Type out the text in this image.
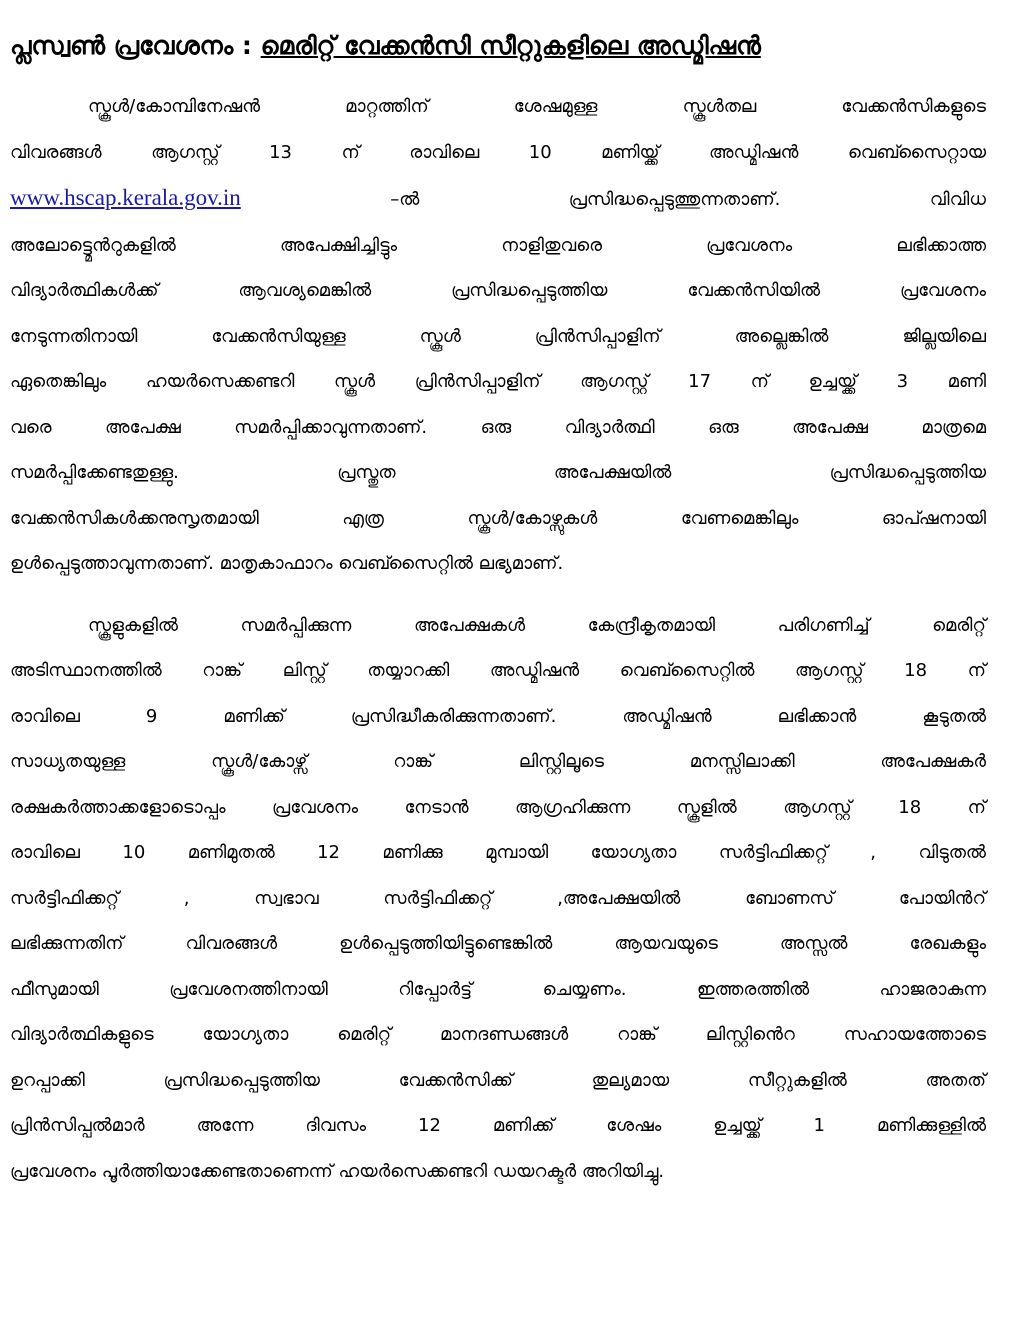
പ്ലസ്വൺ പ്രവേശനം : മെരിറ്റ് വേക്കൻസി സീറ്റുകളിലെ അഡ്മിഷൻ
സ്കൂൾ/കോമ്പിനേഷൻ മാറ്റത്തിന് ശേഷമുള്ള സ്കൂൾതല വേക്കൻസികളുടെ
വിവരങ്ങൾ ആഗസ്റ്റ് 13 ന് രാവിലെ 10 മണിയ്ക്ക് അഡ്മിഷൻ വെബ്സൈറ്റായ
www.hscap.kerala.gov.in –ൽ പ്രസിദ്ധപ്പെടുത്തുന്നതാണ്. വിവിധ
അലോട്ട്മെൻറുകളിൽ അപേക്ഷിച്ചിട്ടും നാളിതുവരെ പ്രവേശനം ലഭിക്കാത്ത
വിദ്യാർത്ഥികൾക്ക് ആവശ്യമെങ്കിൽ പ്രസിദ്ധപ്പെടുത്തിയ വേക്കൻസിയിൽ പ്രവേശനം
നേടുന്നതിനായി വേക്കൻസിയുള്ള സ്കൂൾ പ്രിൻസിപ്പാളിന് അല്ലെങ്കിൽ ജില്ലയിലെ
ഏതെങ്കിലും ഹയർസെക്കണ്ടറി സ്കൂൾ പ്രിൻസിപ്പാളിന് ആഗസ്റ്റ് 17 ന് ഉച്ചയ്ക്ക് 3 മണി
വരെ അപേക്ഷ സമർപ്പിക്കാവുന്നതാണ്. ഒരു വിദ്യാർത്ഥി ഒരു അപേക്ഷ മാത്രമെ
സമർപ്പിക്കേണ്ടതുള്ളു. പ്രസ്തുത അപേക്ഷയിൽ പ്രസിദ്ധപ്പെടുത്തിയ
വേക്കൻസികൾക്കനുസൃതമായി എത്ര സ്കൂൾ/കോഴ്സുകൾ വേണമെങ്കിലും ഓപ്ഷനായി
ഉൾപ്പെടുത്താവുന്നതാണ്. മാതൃകാഫാറം വെബ്സൈറ്റിൽ ലഭ്യമാണ്.
സ്കൂളുകളിൽ സമർപ്പിക്കുന്ന അപേക്ഷകൾ കേന്ദ്രീകൃതമായി പരിഗണിച്ച് മെരിറ്റ്
അടിസ്ഥാനത്തിൽ റാങ്ക് ലിസ്റ്റ് തയ്യാറക്കി അഡ്മിഷൻ വെബ്സൈറ്റിൽ ആഗസ്റ്റ് 18 ന്
രാവിലെ 9 മണിക്ക് പ്രസിദ്ധീകരിക്കുന്നതാണ്. അഡ്മിഷൻ ലഭിക്കാൻ കൂടുതൽ
സാധ്യതയുള്ള സ്കൂൾ/കോഴ്സ് റാങ്ക് ലിസ്റ്റിലൂടെ മനസ്സിലാക്കി അപേക്ഷകർ
രക്ഷകർത്താക്കളോടൊപ്പം പ്രവേശനം നേടാൻ ആഗ്രഹിക്കുന്ന സ്കൂളിൽ ആഗസ്റ്റ് 18 ന്
രാവിലെ 10 മണിമുതൽ 12 മണിക്കു മുമ്പായി യോഗ്യതാ സർട്ടിഫിക്കറ്റ് , വിടുതൽ
സർട്ടിഫിക്കറ്റ് , സ്വഭാവ സർട്ടിഫിക്കറ്റ് ,അപേക്ഷയിൽ ബോണസ് പോയിൻറ്
ലഭിക്കുന്നതിന് വിവരങ്ങൾ ഉൾപ്പെടുത്തിയിട്ടുണ്ടെങ്കിൽ ആയവയുടെ അസ്സൽ രേഖകളും
ഫീസുമായി പ്രവേശനത്തിനായി റിപ്പോർട്ട് ചെയ്യണം. ഇത്തരത്തിൽ ഹാജരാകുന്ന
വിദ്യാർത്ഥികളുടെ യോഗ്യതാ മെരിറ്റ് മാനദണ്ഡങ്ങൾ റാങ്ക് ലിസ്റ്റിൻെറ സഹായത്തോടെ
ഉറപ്പാക്കി പ്രസിദ്ധപ്പെടുത്തിയ വേക്കൻസിക്ക് തുല്യമായ സീറ്റുകളിൽ അതത്
പ്രിൻസിപ്പൽമാർ അന്നേ ദിവസം 12 മണിക്ക് ശേഷം ഉച്ചയ്ക്ക് 1 മണിക്കുള്ളിൽ
പ്രവേശനം പൂർത്തിയാക്കേണ്ടതാണെന്ന് ഹയർസെക്കണ്ടറി ഡയറക്ടർ അറിയിച്ചു.
